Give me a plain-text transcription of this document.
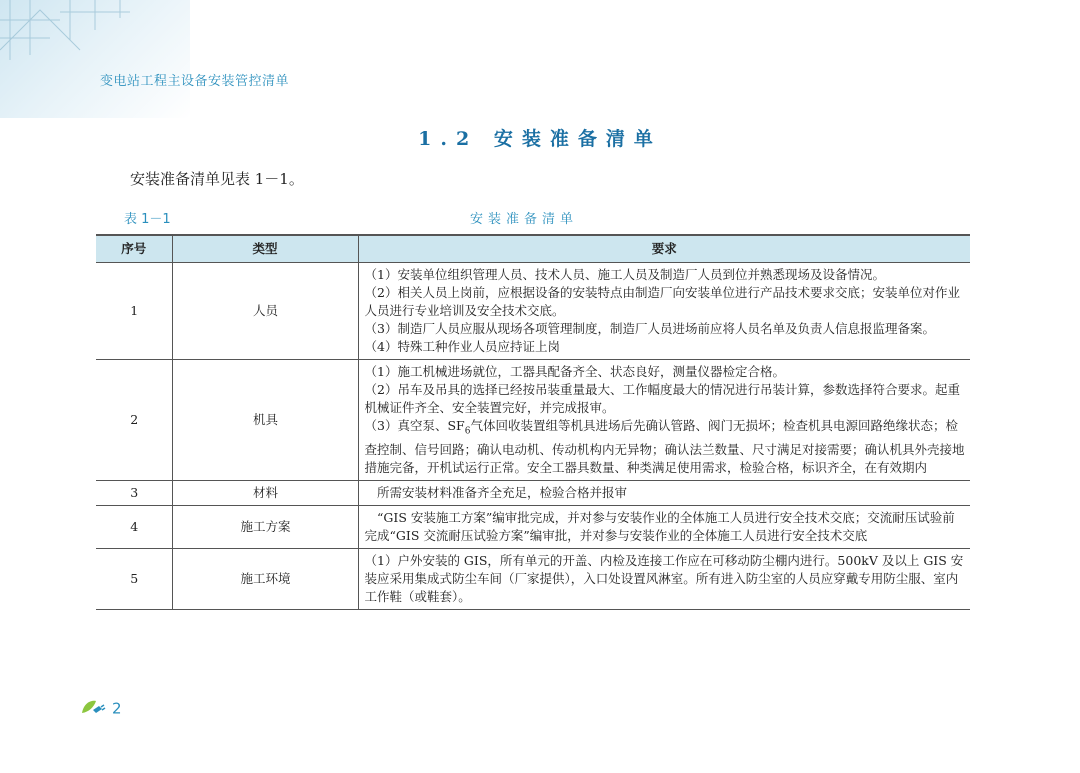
变电站工程主设备安装管控清单
1.2 安装准备清单
安装准备清单见表 1－1。
表 1－1	安装准备清单
序号	类型	要求
1	人员	（1）安装单位组织管理人员、技术人员、施工人员及制造厂人员到位并熟悉现场及设备情况。
（2）相关人员上岗前，应根据设备的安装特点由制造厂向安装单位进行产品技术要求交底；安装单位对作业人员进行专业培训及安全技术交底。
（3）制造厂人员应服从现场各项管理制度，制造厂人员进场前应将人员名单及负责人信息报监理备案。
（4）特殊工种作业人员应持证上岗

2	机具	（1）施工机械进场就位，工器具配备齐全、状态良好，测量仪器检定合格。
（2）吊车及吊具的选择已经按吊装重量最大、工作幅度最大的情况进行吊装计算，参数选择符合要求。起重机械证件齐全、安全装置完好，并完成报审。
（3）真空泵、$SF_6$气体回收装置组等机具进场后先确认管路、阀门无损坏；检查机具电源回路绝缘状态；检查控制、信号回路；确认电动机、传动机构内无异物；确认法兰数量、尺寸满足对接需要；确认机具外壳接地措施完备，开机试运行正常。安全工器具数量、种类满足使用需求，检验合格，标识齐全，在有效期内

3	材料	　所需安装材料准备齐全充足，检验合格并报审

4	施工方案	　“GIS 安装施工方案”编审批完成，并对参与安装作业的全体施工人员进行安全技术交底；交流耐压试验前完成“GIS 交流耐压试验方案”编审批，并对参与安装作业的全体施工人员进行安全技术交底

5	施工环境	（1）户外安装的 GIS，所有单元的开盖、内检及连接工作应在可移动防尘棚内进行。500kV 及以上 GIS 安装应采用集成式防尘车间（厂家提供），入口处设置风淋室。所有进入防尘室的人员应穿戴专用防尘服、室内工作鞋（或鞋套）。
2
